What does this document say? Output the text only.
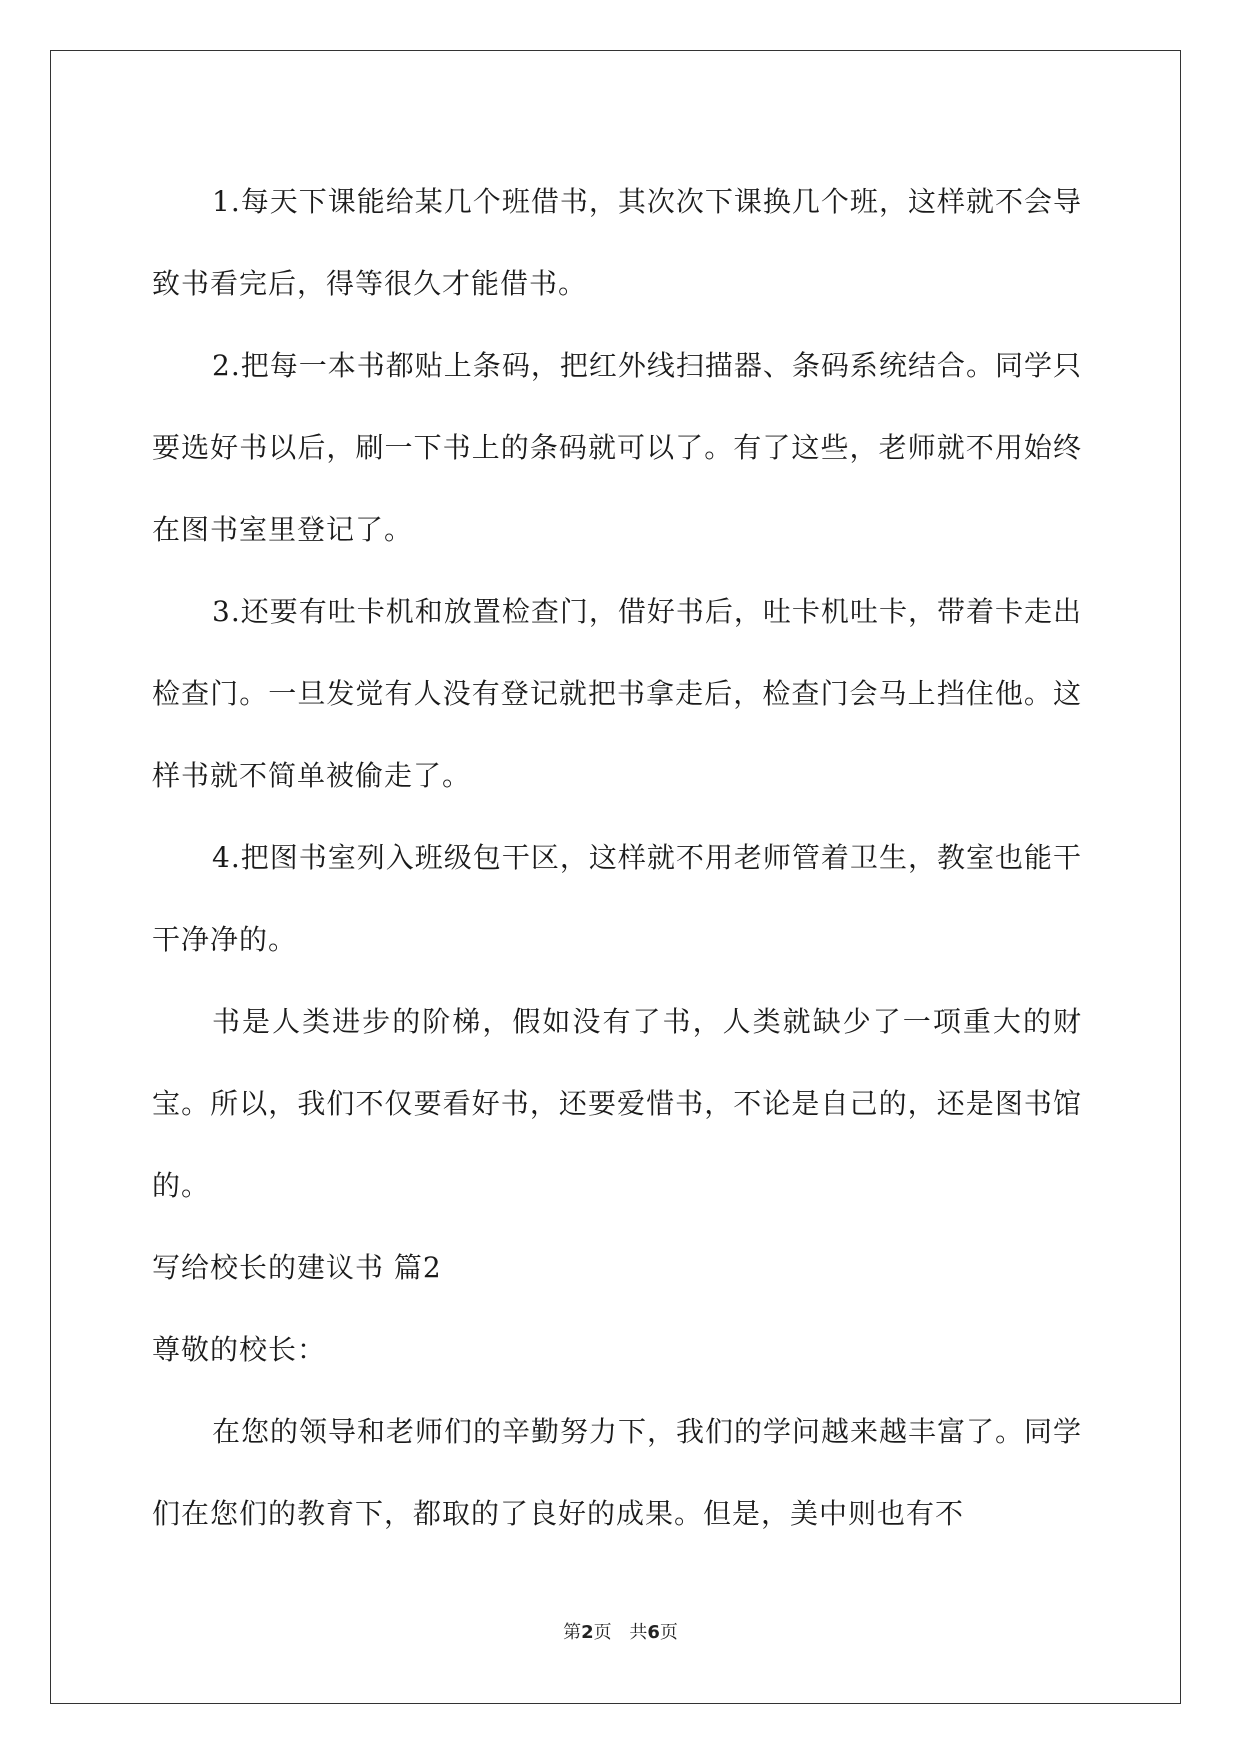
1.每天下课能给某几个班借书，其次次下课换几个班，这样就不会导致书看完后，得等很久才能借书。

2.把每一本书都贴上条码，把红外线扫描器、条码系统结合。同学只要选好书以后，刷一下书上的条码就可以了。有了这些，老师就不用始终在图书室里登记了。

3.还要有吐卡机和放置检查门，借好书后，吐卡机吐卡，带着卡走出检查门。一旦发觉有人没有登记就把书拿走后，检查门会马上挡住他。这样书就不简单被偷走了。

4.把图书室列入班级包干区，这样就不用老师管着卫生，教室也能干干净净的。

书是人类进步的阶梯，假如没有了书，人类就缺少了一项重大的财宝。所以，我们不仅要看好书，还要爱惜书，不论是自己的，还是图书馆的。

写给校长的建议书 篇2

尊敬的校长：

在您的领导和老师们的辛勤努力下，我们的学问越来越丰富了。同学们在您们的教育下，都取的了良好的成果。但是，美中则也有不

第2页 共6页
